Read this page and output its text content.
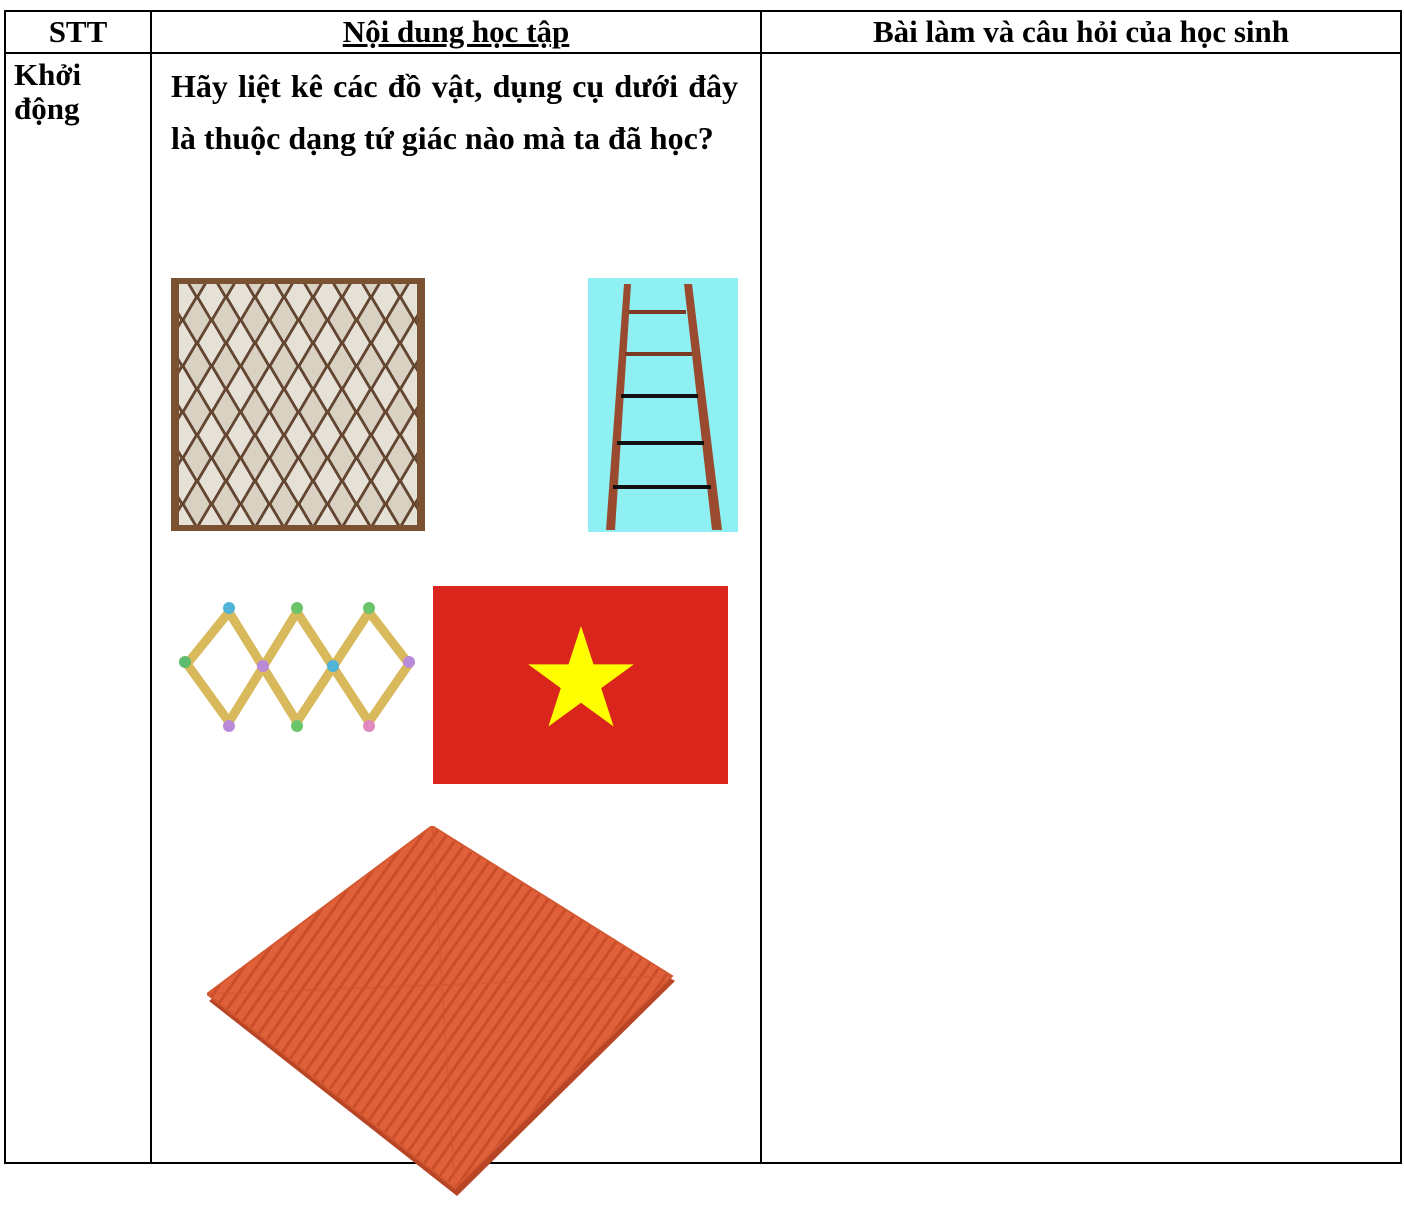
STT	Nội dung học tập	Bài làm và câu hỏi của học sinh
Khởi động	Hãy liệt kê các đồ vật, dụng cụ dưới đây là thuộc dạng tứ giác nào mà ta đã học?	
